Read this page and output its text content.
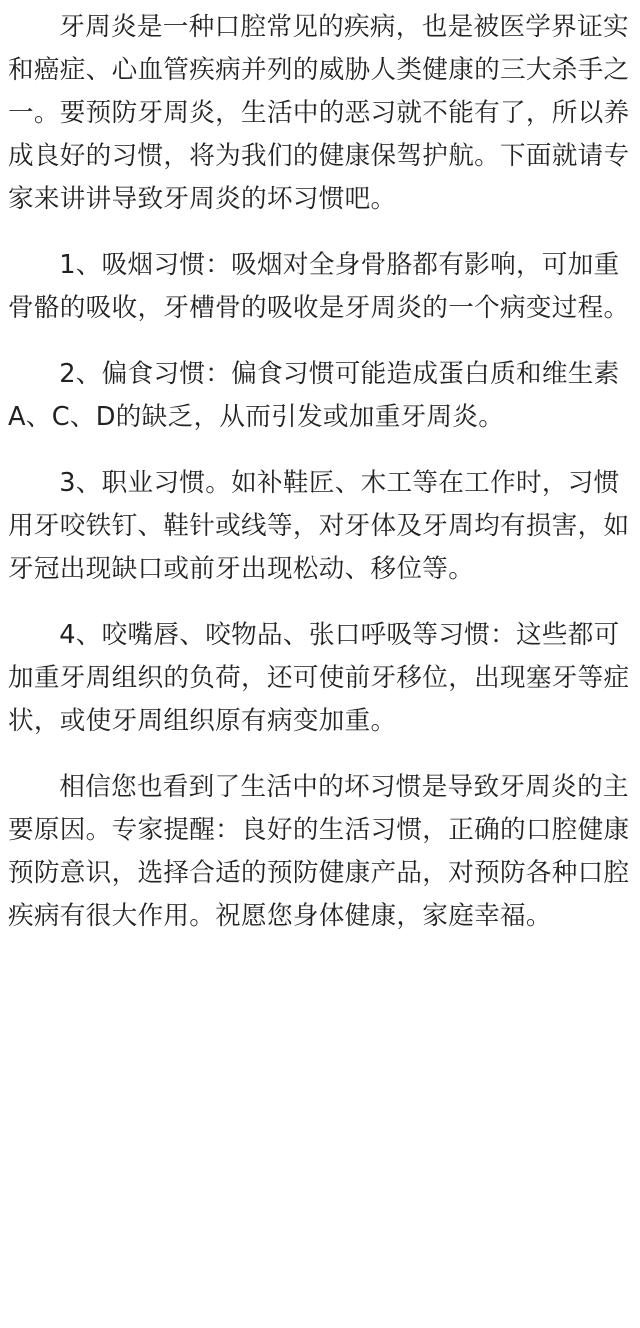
牙周炎是一种口腔常见的疾病，也是被医学界证实和癌症、心血管疾病并列的威胁人类健康的三大杀手之一。要预防牙周炎，生活中的恶习就不能有了，所以养成良好的习惯，将为我们的健康保驾护航。下面就请专家来讲讲导致牙周炎的坏习惯吧。

1、吸烟习惯：吸烟对全身骨胳都有影响，可加重骨骼的吸收，牙槽骨的吸收是牙周炎的一个病变过程。

2、偏食习惯：偏食习惯可能造成蛋白质和维生素A、C、D的缺乏，从而引发或加重牙周炎。

3、职业习惯。如补鞋匠、木工等在工作时，习惯用牙咬铁钉、鞋针或线等，对牙体及牙周均有损害，如牙冠出现缺口或前牙出现松动、移位等。

4、咬嘴唇、咬物品、张口呼吸等习惯：这些都可加重牙周组织的负荷，还可使前牙移位，出现塞牙等症状，或使牙周组织原有病变加重。

相信您也看到了生活中的坏习惯是导致牙周炎的主要原因。专家提醒：良好的生活习惯，正确的口腔健康预防意识，选择合适的预防健康产品，对预防各种口腔疾病有很大作用。祝愿您身体健康，家庭幸福。
